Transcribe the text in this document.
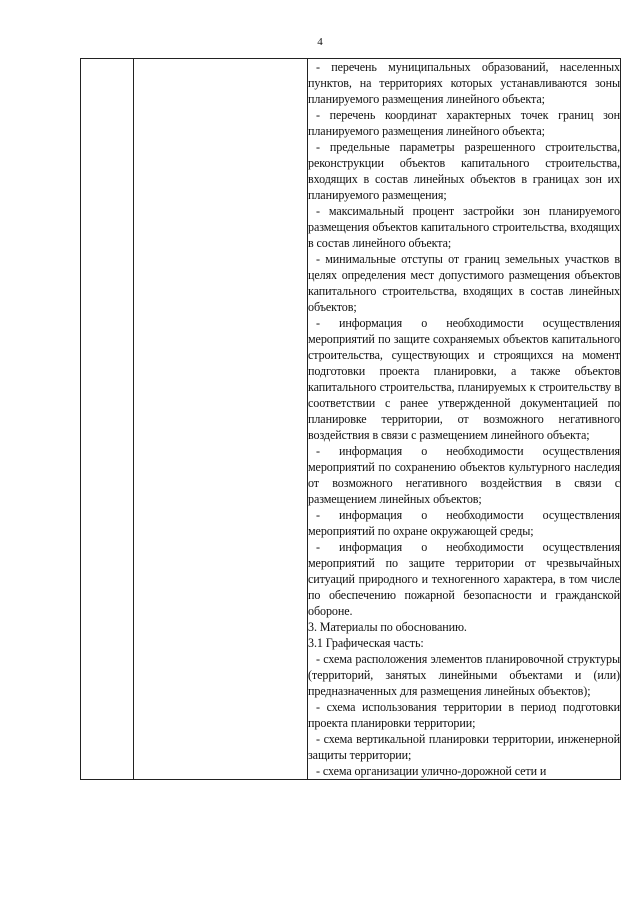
4

- перечень муниципальных образований, населенных пунктов, на территориях которых устанавливаются зоны планируемого размещения линейного объекта;

- перечень координат характерных точек границ зон планируемого размещения линейного объекта;

- предельные параметры разрешенного строительства, реконструкции объектов капитального строительства, входящих в состав линейных объектов в границах зон их планируемого размещения;

- максимальный процент застройки зон планируемого размещения объектов капитального строительства, входящих в состав линейного объекта;

- минимальные отступы от границ земельных участков в целях определения мест допустимого размещения объектов капитального строительства, входящих в состав линейных объектов;

- информация о необходимости осуществления мероприятий по защите сохраняемых объектов капитального строительства, существующих и строящихся на момент подготовки проекта планировки, а также объектов капитального строительства, планируемых к строительству в соответствии с ранее утвержденной документацией по планировке территории, от возможного негативного воздействия в связи с размещением линейного объекта;

- информация о необходимости осуществления мероприятий по сохранению объектов культурного наследия от возможного негативного воздействия в связи с размещением линейных объектов;

- информация о необходимости осуществления мероприятий по охране окружающей среды;

- информация о необходимости осуществления мероприятий по защите территории от чрезвычайных ситуаций природного и техногенного характера, в том числе по обеспечению пожарной безопасности и гражданской обороне.

3. Материалы по обоснованию.

3.1 Графическая часть:

- схема расположения элементов планировочной структуры (территорий, занятых линейными объектами и (или) предназначенных для размещения линейных объектов);

- схема использования территории в период подготовки проекта планировки территории;

- схема вертикальной планировки территории, инженерной защиты территории;

- схема организации улично-дорожной сети и
